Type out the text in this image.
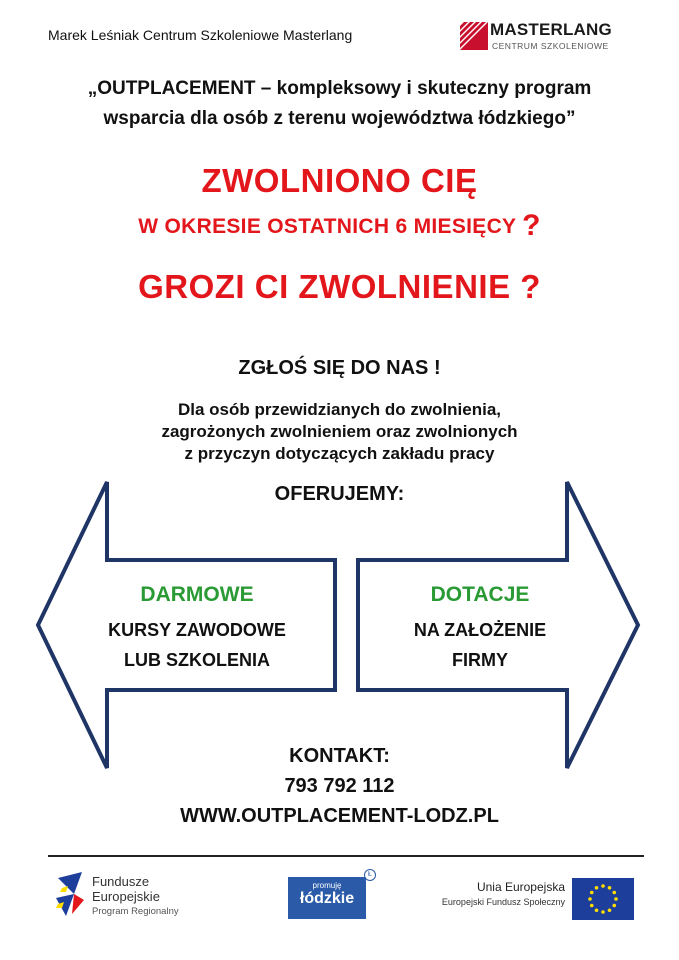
Marek Leśniak Centrum Szkoleniowe Masterlang	MASTERLANG
CENTRUM SZKOLENIOWE
„OUTPLACEMENT – kompleksowy i skuteczny program
wsparcia dla osób z terenu województwa łódzkiego”
ZWOLNIONO CIĘ
W OKRESIE OSTATNICH 6 MIESIĘCY ?
GROZI CI ZWOLNIENIE ?
ZGŁOŚ SIĘ DO NAS !
Dla osób przewidzianych do zwolnienia,
zagrożonych zwolnieniem oraz zwolnionych
z przyczyn dotyczących zakładu pracy
OFERUJEMY:
DARMOWE
KURSY ZAWODOWE
LUB SZKOLENIA
DOTACJE
NA ZAŁOŻENIE
FIRMY
KONTAKT:
793 792 112
WWW.OUTPLACEMENT-LODZ.PL
Fundusze
Europejskie
Program Regionalny
promuję
łódzkie
Ł
Unia Europejska
Europejski Fundusz Społeczny
